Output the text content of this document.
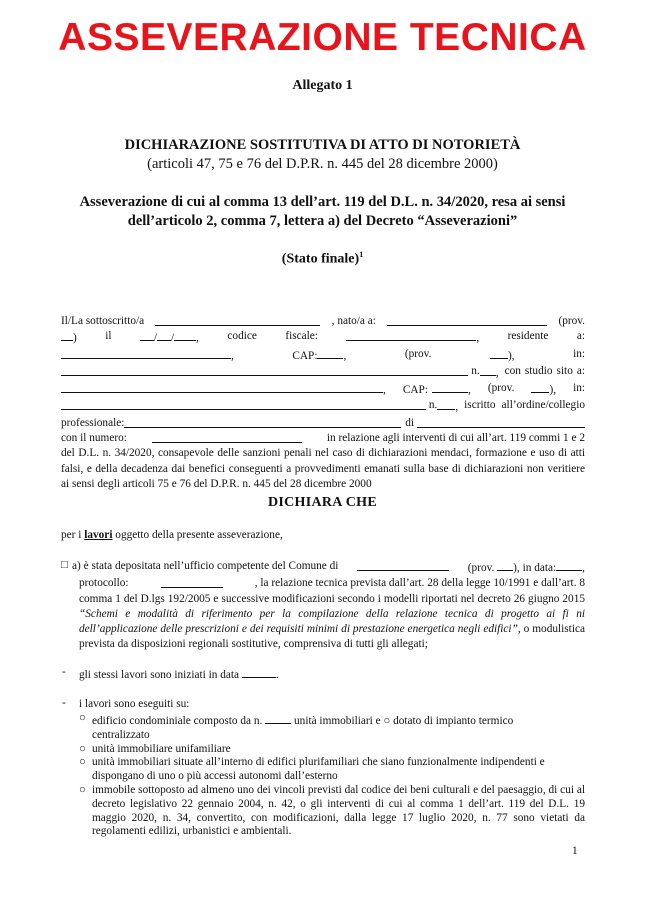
ASSEVERAZIONE TECNICA
Allegato 1
DICHIARAZIONE SOSTITUTIVA DI ATTO DI NOTORIETÀ
(articoli 47, 75 e 76 del D.P.R. n. 445 del 28 dicembre 2000)
Asseverazione di cui al comma 13 dell’art. 119 del D.L. n. 34/2020, resa ai sensi
dell’articolo 2, comma 7, lettera a) del Decreto “Asseverazioni”
(Stato finale)$^1$
Il/La sottoscritto/a	, nato/a a:	(prov.
)	il	/ / ,	codice	fiscale:	,	residente	a:
,	CAP: ,	(prov.	),	in:
n.	, con studio sito a:
, CAP:	, (prov.	), in:
n.	, iscritto all’ordine/collegio
professionale:	di
con il numero:	in relazione agli interventi di cui all’art. 119 commi 1 e 2
del D.L. n. 34/2020, consapevole delle sanzioni penali nel caso di dichiarazioni mendaci, formazione e uso di atti falsi, e della decadenza dai benefici conseguenti a provvedimenti emanati sulla base di dichiarazioni non veritiere ai sensi degli articoli 75 e 76 del D.P.R. n. 445 del 28 dicembre 2000
DICHIARA CHE
per i lavori oggetto della presente asseverazione,
□ a) è stata depositata nell’ufficio competente del Comune di	(prov. ), in data: ,
protocollo:	, la relazione tecnica prevista dall’art. 28 della legge 10/1991 e dall’art. 8
comma 1 del D.lgs 192/2005 e successive modificazioni secondo i modelli riportati nel decreto 26 giugno 2015 “Schemi e modalità di riferimento per la compilazione della relazione tecnica di progetto ai fi ni dell’applicazione delle prescrizioni e dei requisiti minimi di prestazione energetica negli edifici”, o modulistica prevista da disposizioni regionali sostitutive, comprensiva di tutti gli allegati;
- gli stessi lavori sono iniziati in data	.
- i lavori sono eseguiti su:
○ edificio condominiale composto da n.	unità immobiliari e ○ dotato di impianto termico
centralizzato
○ unità immobiliare unifamiliare
○ unità immobiliari situate all’interno di edifici plurifamiliari che siano funzionalmente indipendenti e dispongano di uno o più accessi autonomi dall’esterno
○ immobile sottoposto ad almeno uno dei vincoli previsti dal codice dei beni culturali e del paesaggio, di cui al decreto legislativo 22 gennaio 2004, n. 42, o gli interventi di cui al comma 1 dell’art. 119 del D.L. 19 maggio 2020, n. 34, convertito, con modificazioni, dalla legge 17 luglio 2020, n. 77 sono vietati da regolamenti edilizi, urbanistici e ambientali.
1
